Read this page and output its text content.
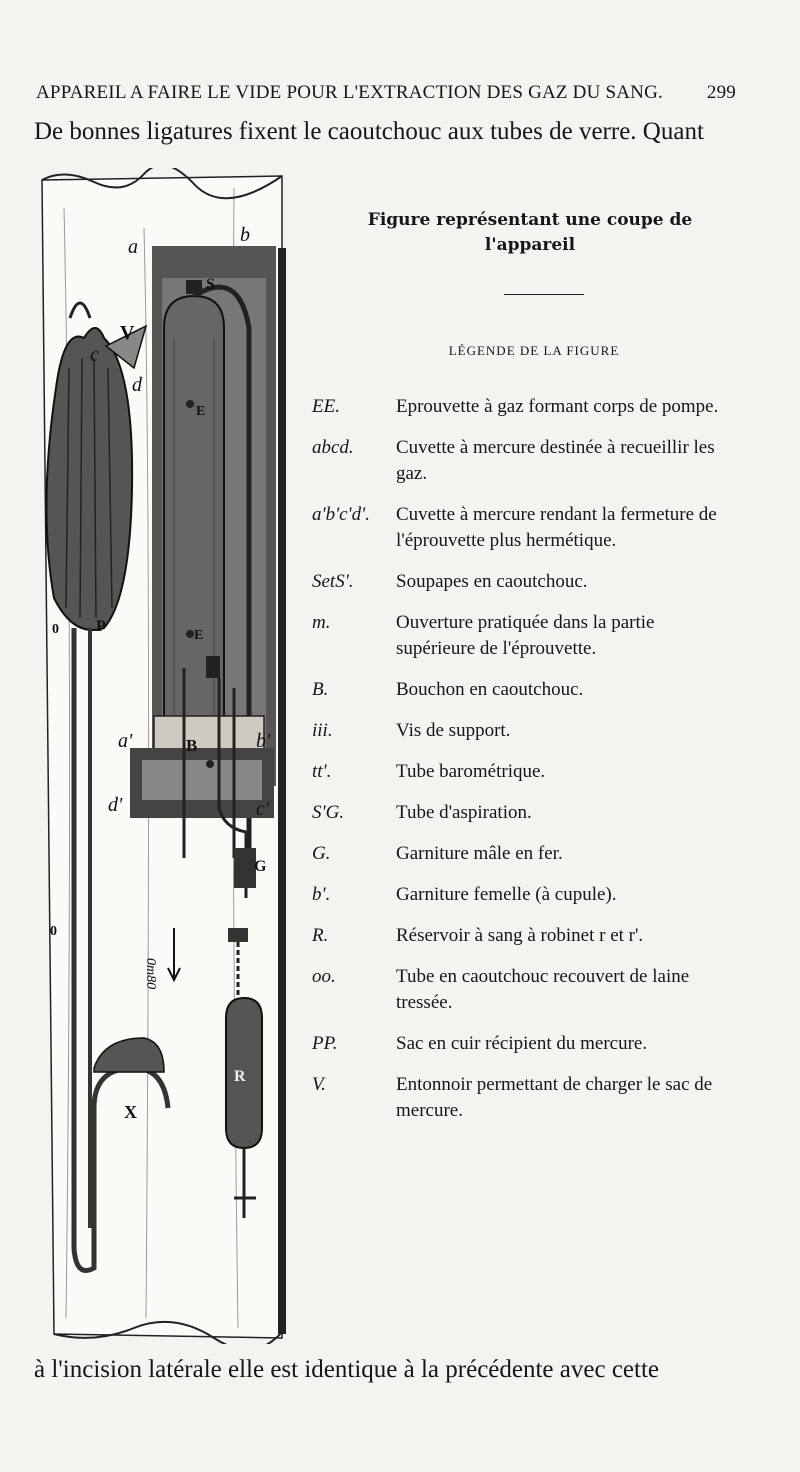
APPAREIL A FAIRE LE VIDE POUR L'EXTRACTION DES GAZ DU SANG. 299
De bonnes ligatures fixent le caoutchouc aux tubes de verre. Quant
a
b
S
V
c
d
E
E
P
0
a'	b'
c'
d'
B
G
R
X
0
0m80
Figure représentant une coupe de l'appareil
LÉGENDE DE LA FIGURE
EE.	Eprouvette à gaz formant corps de pompe.
abcd.	Cuvette à mercure destinée à recueillir les gaz.
a'b'c'd'.	Cuvette à mercure rendant la fermeture de l'éprouvette plus hermétique.
SetS'.	Soupapes en caoutchouc.
m.	Ouverture pratiquée dans la partie supérieure de l'éprouvette.
B.	Bouchon en caoutchouc.
iii.	Vis de support.
tt'.	Tube barométrique.
S'G.	Tube d'aspiration.
G.	Garniture mâle en fer.
b'.	Garniture femelle (à cupule).
R.	Réservoir à sang à robinet r et r'.
oo.	Tube en caoutchouc recouvert de laine tressée.
PP.	Sac en cuir récipient du mercure.
V.	Entonnoir permettant de charger le sac de mercure.
à l'incision latérale elle est identique à la précédente avec cette
